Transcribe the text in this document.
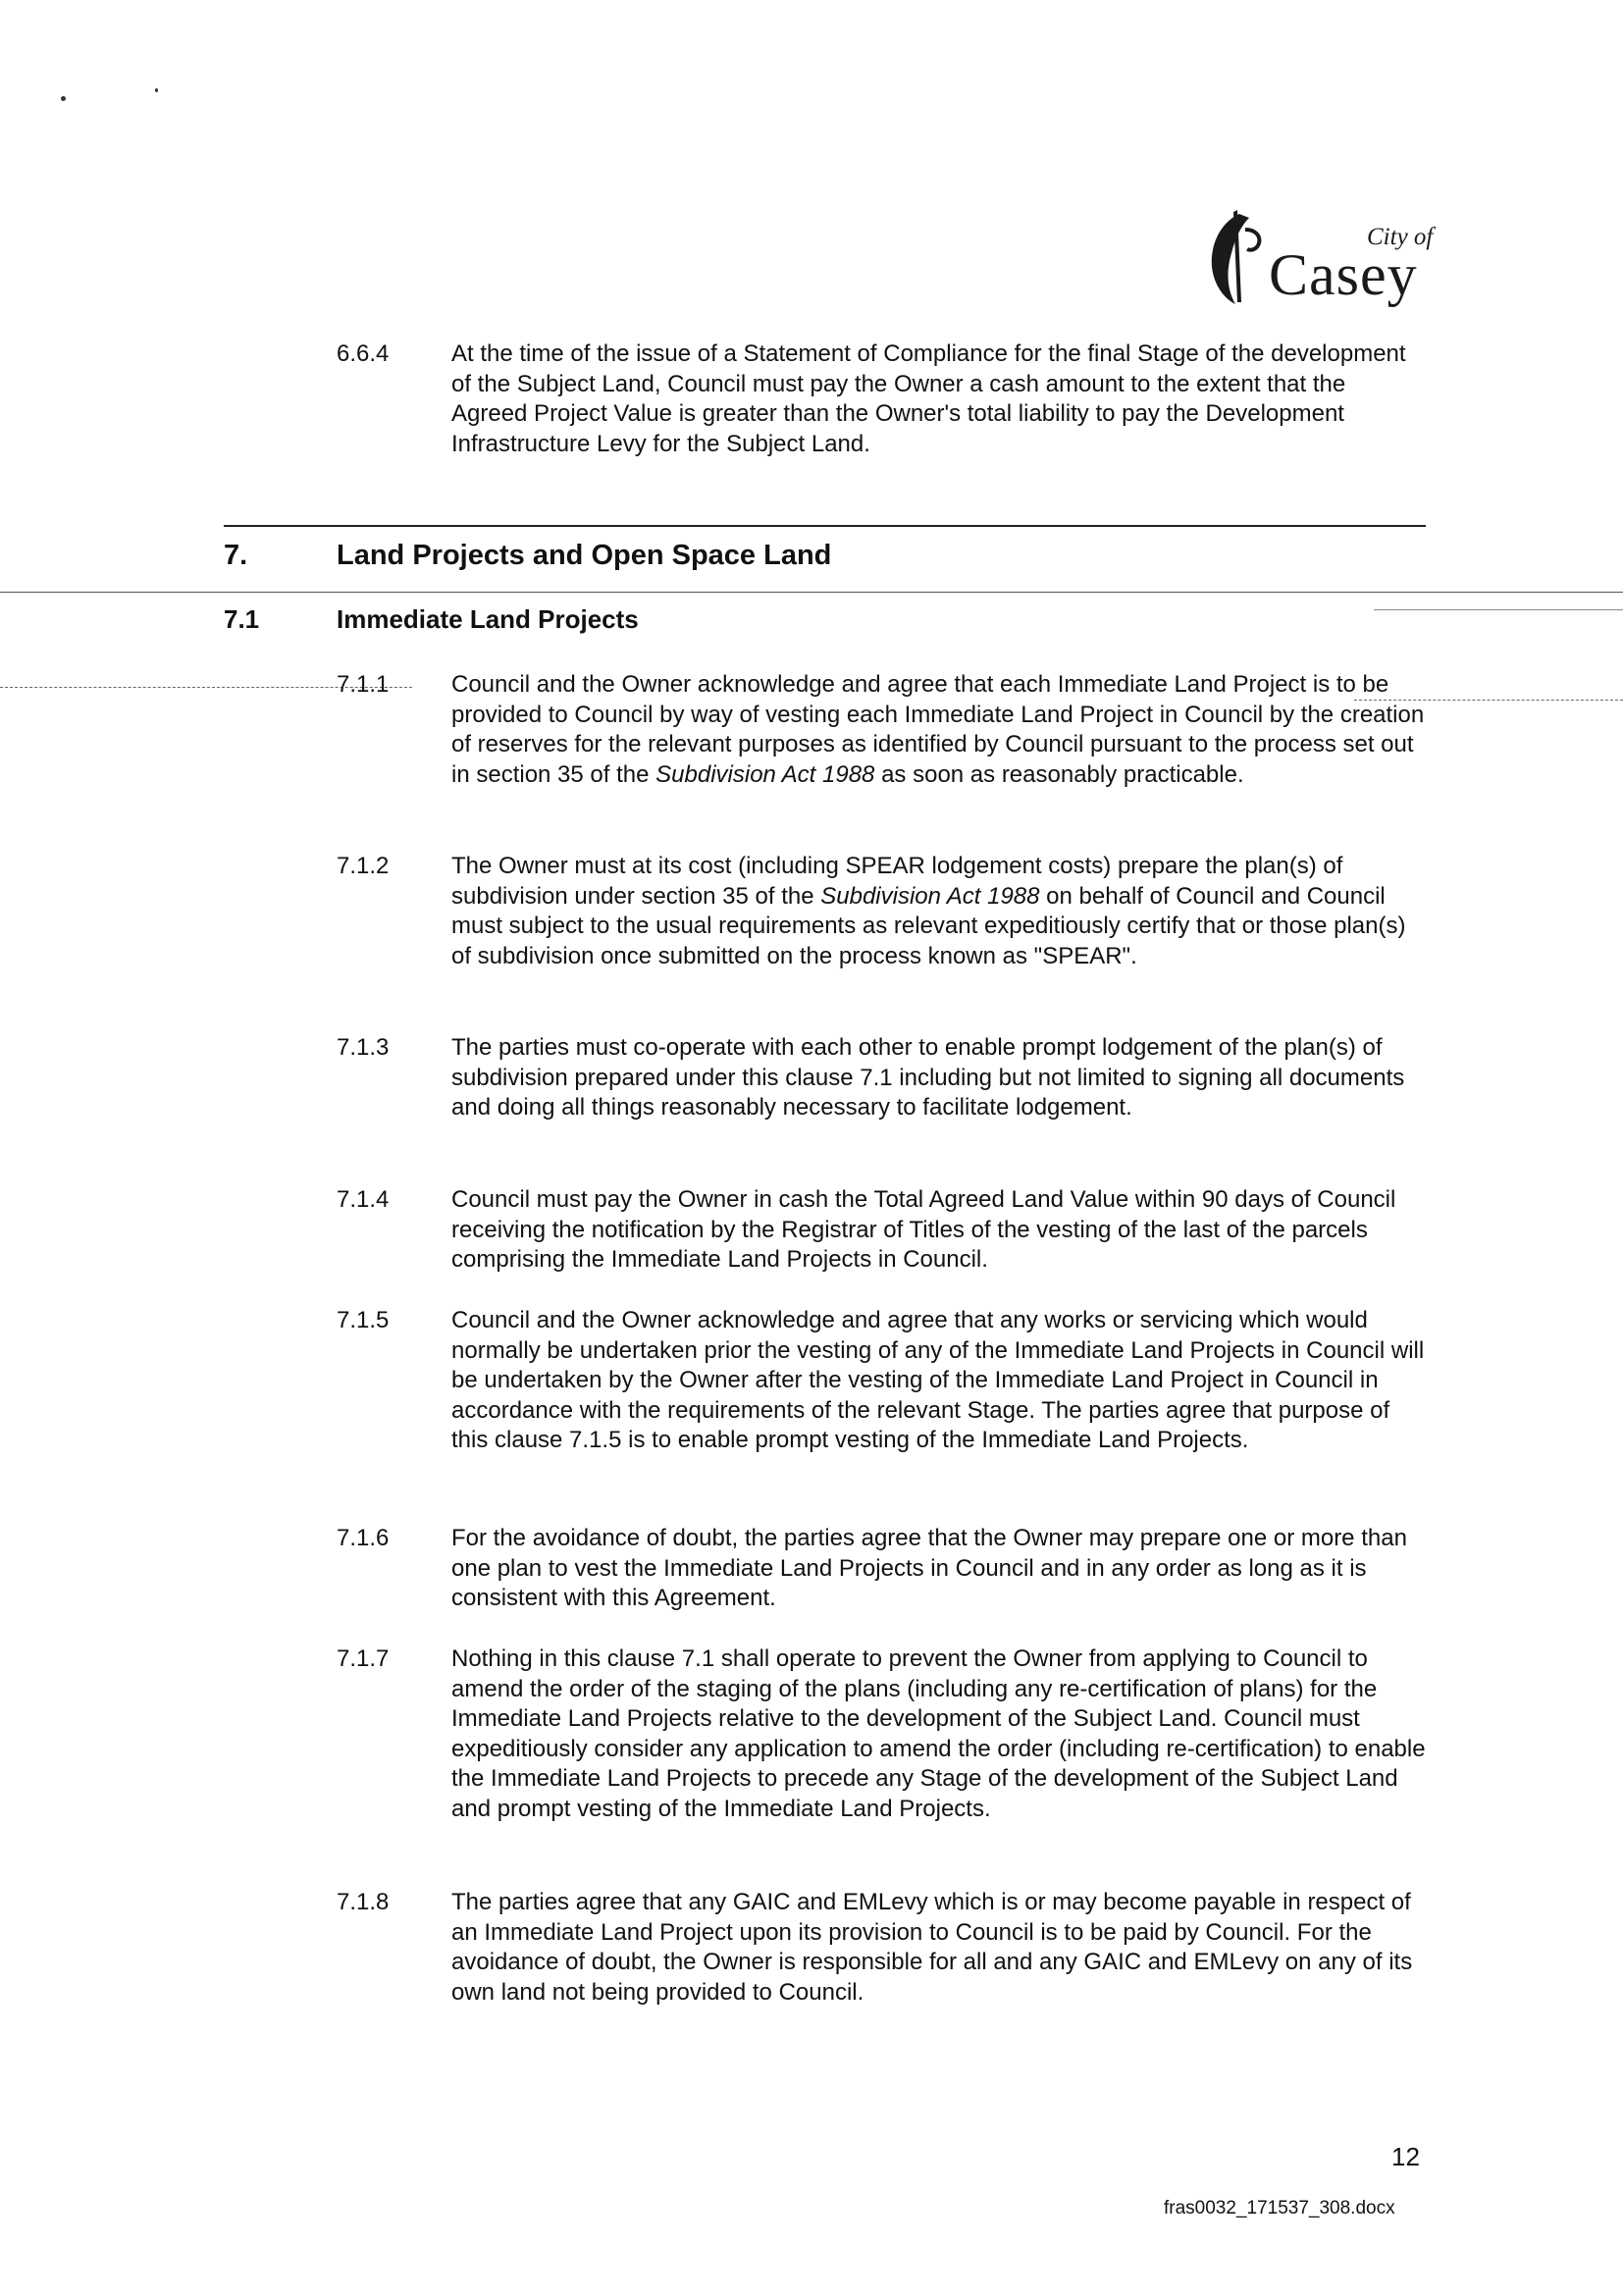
City of
Casey
6.6.4	At the time of the issue of a Statement of Compliance for the final Stage of the development of the Subject Land, Council must pay the Owner a cash amount to the extent that the Agreed Project Value is greater than the Owner's total liability to pay the Development Infrastructure Levy for the Subject Land.
7.	Land Projects and Open Space Land
7.1	Immediate Land Projects
7.1.1	Council and the Owner acknowledge and agree that each Immediate Land Project is to be provided to Council by way of vesting each Immediate Land Project in Council by the creation of reserves for the relevant purposes as identified by Council pursuant to the process set out in section 35 of the Subdivision Act 1988 as soon as reasonably practicable.
7.1.2	The Owner must at its cost (including SPEAR lodgement costs) prepare the plan(s) of subdivision under section 35 of the Subdivision Act 1988 on behalf of Council and Council must subject to the usual requirements as relevant expeditiously certify that or those plan(s) of subdivision once submitted on the process known as "SPEAR".
7.1.3	The parties must co-operate with each other to enable prompt lodgement of the plan(s) of subdivision prepared under this clause 7.1 including but not limited to signing all documents and doing all things reasonably necessary to facilitate lodgement.
7.1.4	Council must pay the Owner in cash the Total Agreed Land Value within 90 days of Council receiving the notification by the Registrar of Titles of the vesting of the last of the parcels comprising the Immediate Land Projects in Council.
7.1.5	Council and the Owner acknowledge and agree that any works or servicing which would normally be undertaken prior the vesting of any of the Immediate Land Projects in Council will be undertaken by the Owner after the vesting of the Immediate Land Project in Council in accordance with the requirements of the relevant Stage. The parties agree that purpose of this clause 7.1.5 is to enable prompt vesting of the Immediate Land Projects.
7.1.6	For the avoidance of doubt, the parties agree that the Owner may prepare one or more than one plan to vest the Immediate Land Projects in Council and in any order as long as it is consistent with this Agreement.
7.1.7	Nothing in this clause 7.1 shall operate to prevent the Owner from applying to Council to amend the order of the staging of the plans (including any re-certification of plans) for the Immediate Land Projects relative to the development of the Subject Land. Council must expeditiously consider any application to amend the order (including re-certification) to enable the Immediate Land Projects to precede any Stage of the development of the Subject Land and prompt vesting of the Immediate Land Projects.
7.1.8	The parties agree that any GAIC and EMLevy which is or may become payable in respect of an Immediate Land Project upon its provision to Council is to be paid by Council. For the avoidance of doubt, the Owner is responsible for all and any GAIC and EMLevy on any of its own land not being provided to Council.
12
fras0032_171537_308.docx
